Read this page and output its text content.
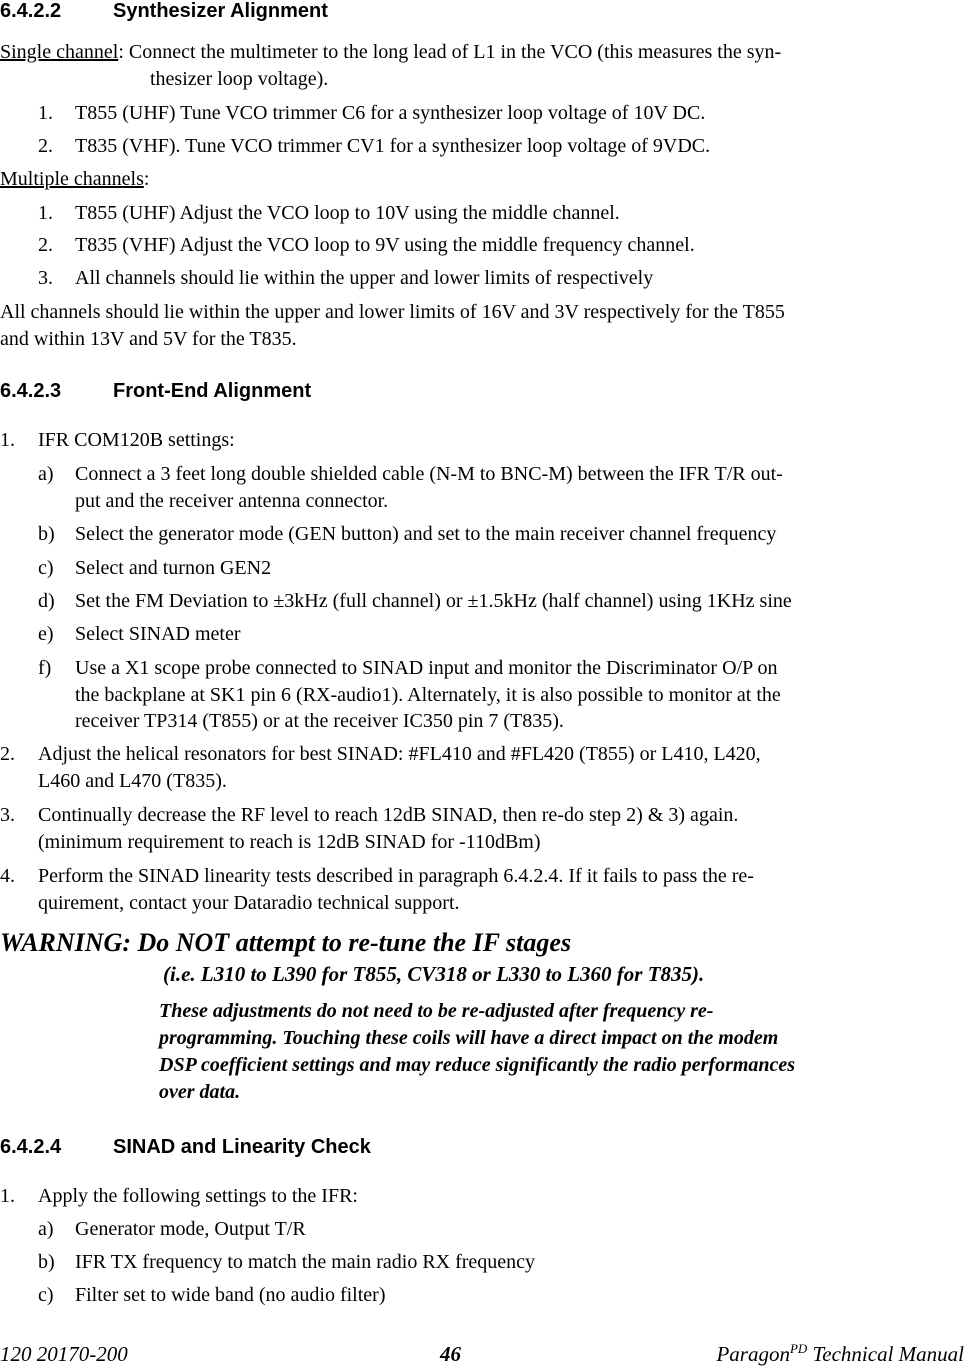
6.4.2.2	Synthesizer Alignment
Single channel: Connect the multimeter to the long lead of L1 in the VCO (this measures the syn-
thesizer loop voltage).
1. T855 (UHF) Tune VCO trimmer C6 for a synthesizer loop voltage of 10V DC.
2. T835 (VHF). Tune VCO trimmer CV1 for a synthesizer loop voltage of 9VDC.
Multiple channels:
1. T855 (UHF) Adjust the VCO loop to 10V using the middle channel.
2. T835 (VHF) Adjust the VCO loop to 9V using the middle frequency channel.
3. All channels should lie within the upper and lower limits of respectively
All channels should lie within the upper and lower limits of 16V and 3V respectively for the T855
and within 13V and 5V for the T835.
6.4.2.3	Front-End Alignment
1. IFR COM120B settings:
a) Connect a 3 feet long double shielded cable (N-M to BNC-M) between the IFR T/R out-
put and the receiver antenna connector.
b) Select the generator mode (GEN button) and set to the main receiver channel frequency
c) Select and turnon GEN2
d) Set the FM Deviation to ±3kHz (full channel) or ±1.5kHz (half channel) using 1KHz sine
e) Select SINAD meter
f) Use a X1 scope probe connected to SINAD input and monitor the Discriminator O/P on
the backplane at SK1 pin 6 (RX-audio1). Alternately, it is also possible to monitor at the
receiver TP314 (T855) or at the receiver IC350 pin 7 (T835).
2. Adjust the helical resonators for best SINAD: #FL410 and #FL420 (T855) or L410, L420,
L460 and L470 (T835).
3. Continually decrease the RF level to reach 12dB SINAD, then re-do step 2) & 3) again.
(minimum requirement to reach is 12dB SINAD for -110dBm)
4. Perform the SINAD linearity tests described in paragraph 6.4.2.4. If it fails to pass the re-
quirement, contact your Dataradio technical support.
WARNING: Do NOT attempt to re-tune the IF stages
(i.e. L310 to L390 for T855, CV318 or L330 to L360 for T835).
These adjustments do not need to be re-adjusted after frequency re-
programming. Touching these coils will have a direct impact on the modem
DSP coefficient settings and may reduce significantly the radio performances
over data.
6.4.2.4	SINAD and Linearity Check
1. Apply the following settings to the IFR:
a) Generator mode, Output T/R
b) IFR TX frequency to match the main radio RX frequency
c) Filter set to wide band (no audio filter)
120 20170-200	46	Paragon$^{PD}$ Technical Manual
